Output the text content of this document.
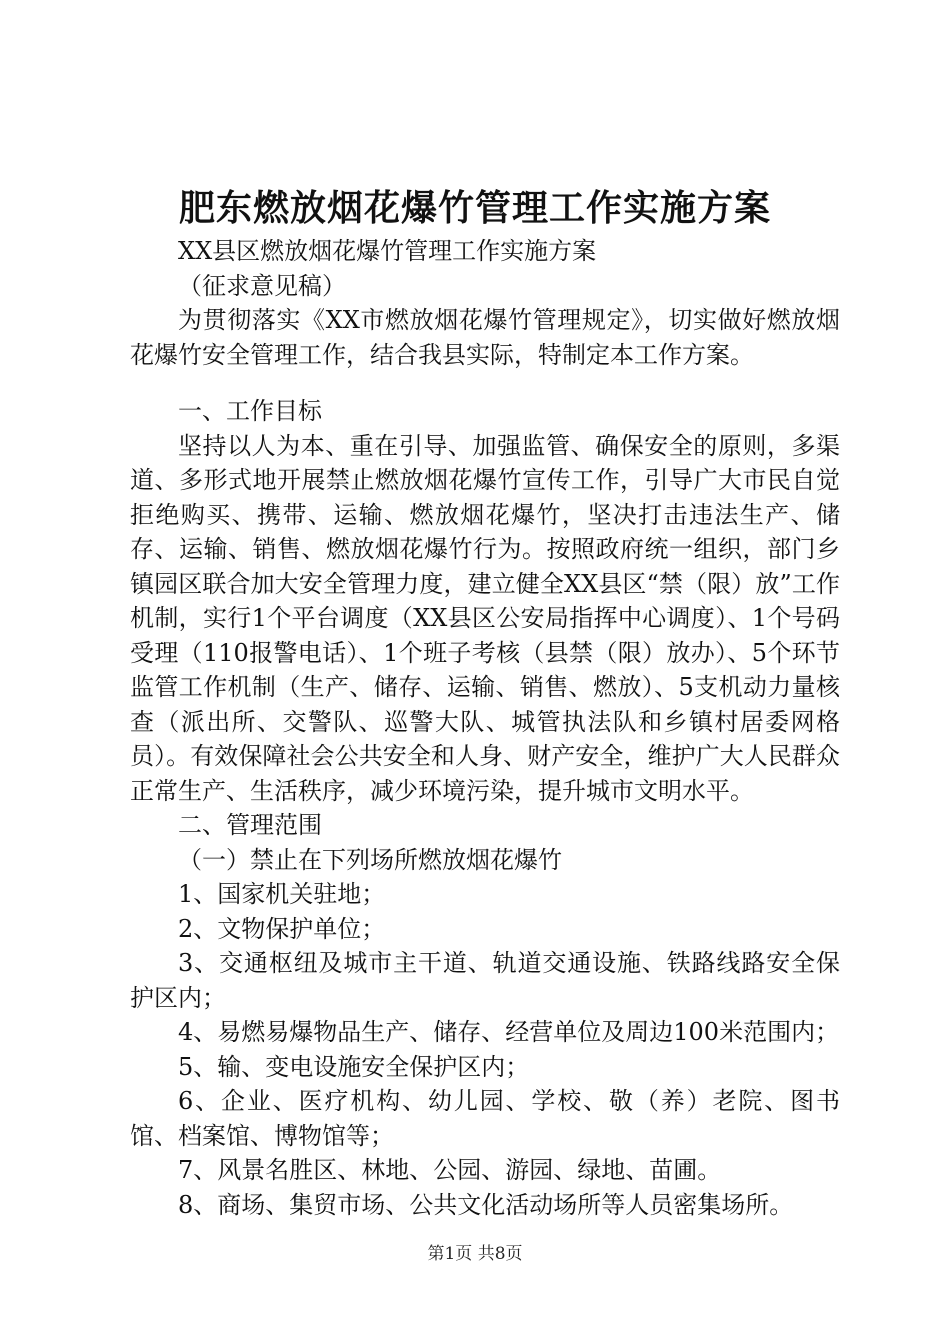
肥东燃放烟花爆竹管理工作实施方案

XX县区燃放烟花爆竹管理工作实施方案

（征求意见稿）

为贯彻落实《XX市燃放烟花爆竹管理规定》，切实做好燃放烟花爆竹安全管理工作，结合我县实际，特制定本工作方案。

一、工作目标

坚持以人为本、重在引导、加强监管、确保安全的原则，多渠道、多形式地开展禁止燃放烟花爆竹宣传工作，引导广大市民自觉拒绝购买、携带、运输、燃放烟花爆竹，坚决打击违法生产、储存、运输、销售、燃放烟花爆竹行为。按照政府统一组织，部门乡镇园区联合加大安全管理力度，建立健全XX县区“禁（限）放”工作机制，实行1个平台调度（XX县区公安局指挥中心调度）、1个号码受理（110报警电话）、1个班子考核（县禁（限）放办）、5个环节监管工作机制（生产、储存、运输、销售、燃放）、5支机动力量核查（派出所、交警队、巡警大队、城管执法队和乡镇村居委网格员）。有效保障社会公共安全和人身、财产安全，维护广大人民群众正常生产、生活秩序，减少环境污染，提升城市文明水平。

二、管理范围

（一）禁止在下列场所燃放烟花爆竹

1、国家机关驻地；

2、文物保护单位；

3、交通枢纽及城市主干道、轨道交通设施、铁路线路安全保护区内；

4、易燃易爆物品生产、储存、经营单位及周边100米范围内；

5、输、变电设施安全保护区内；

6、企业、医疗机构、幼儿园、学校、敬（养）老院、图书馆、档案馆、博物馆等；

7、风景名胜区、林地、公园、游园、绿地、苗圃。

8、商场、集贸市场、公共文化活动场所等人员密集场所。

第1页 共8页
